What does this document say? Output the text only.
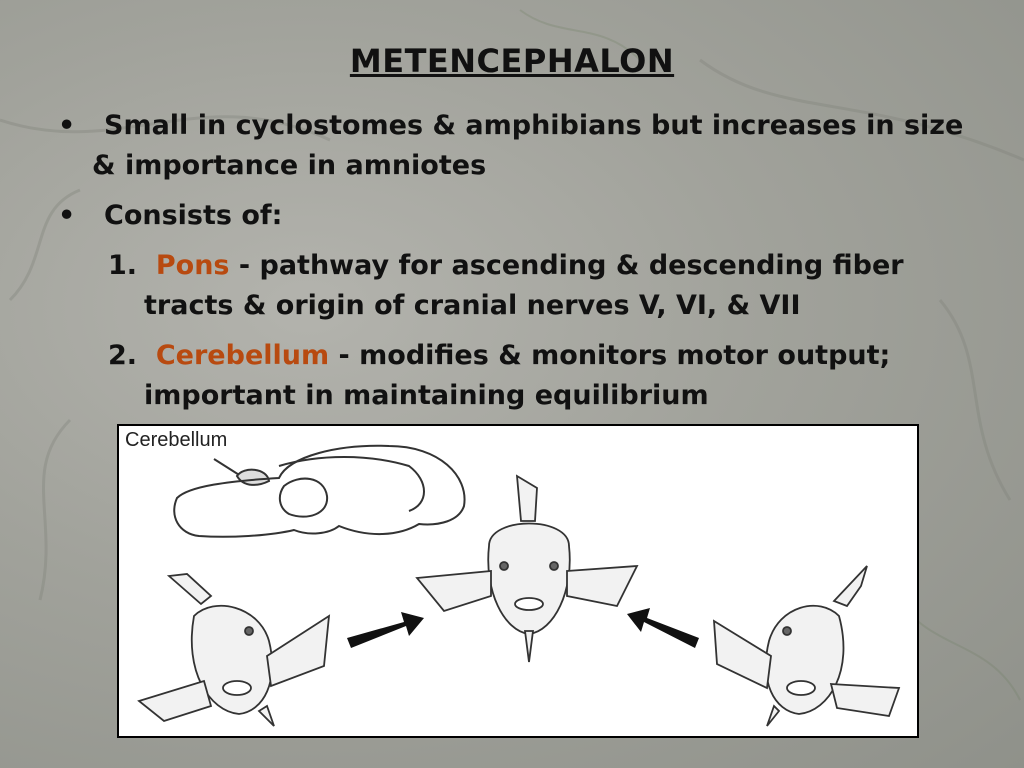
METENCEPHALON
•	Small in cyclostomes & amphibians but increases in size & importance in amniotes
• Consists of:
1. Pons - pathway for ascending & descending fiber
tracts & origin of cranial nerves V, VI, & VII
2. Cerebellum - modifies & monitors motor output;
important in maintaining equilibrium
Cerebellum
